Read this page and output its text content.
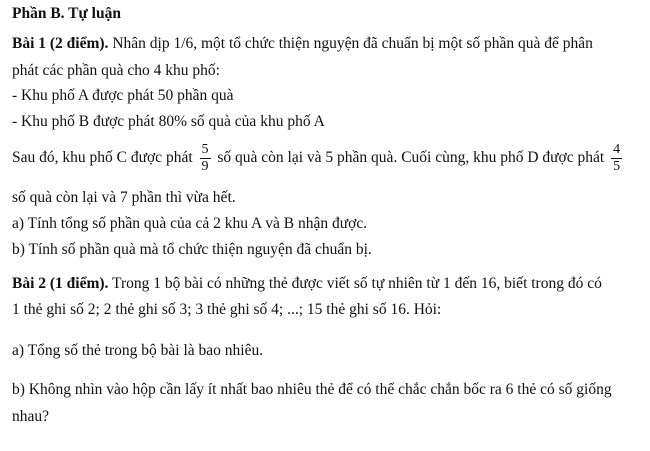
Phần B. Tự luận
Bài 1 (2 điểm). Nhân dịp 1/6, một tổ chức thiện nguyện đã chuẩn bị một số phần quà để phân
phát các phần quà cho 4 khu phố:
- Khu phố A được phát 50 phần quà
- Khu phố B được phát 80% số quà của khu phố A
Sau đó, khu phố C được phát $\frac{5}{9}$ số quà còn lại và 5 phần quà. Cuối cùng, khu phố D được phát $\frac{4}{5}$
số quà còn lại và 7 phần thì vừa hết.
a) Tính tổng số phần quà của cả 2 khu A và B nhận được.
b) Tính số phần quà mà tổ chức thiện nguyện đã chuẩn bị.
Bài 2 (1 điểm). Trong 1 bộ bài có những thẻ được viết số tự nhiên từ 1 đến 16, biết trong đó có
1 thẻ ghi số 2; 2 thẻ ghi số 3; 3 thẻ ghi số 4; ...; 15 thẻ ghi số 16. Hỏi:
a) Tổng số thẻ trong bộ bài là bao nhiêu.
b) Không nhìn vào hộp cần lấy ít nhất bao nhiêu thẻ để có thể chắc chắn bốc ra 6 thẻ có số giống
nhau?
